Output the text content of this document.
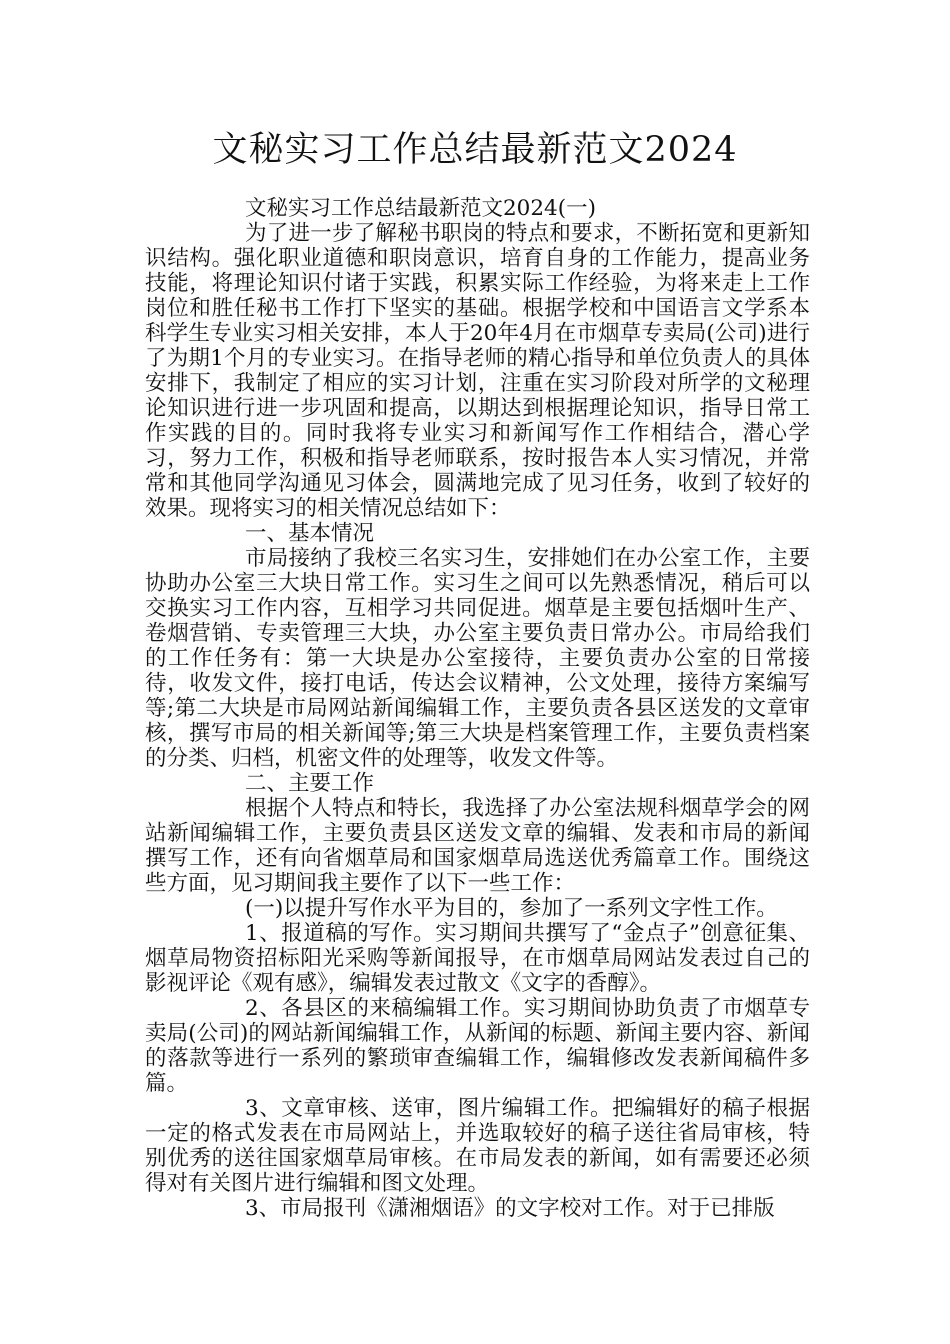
文秘实习工作总结最新范文2024

文秘实习工作总结最新范文2024(一)

为了进一步了解秘书职岗的特点和要求，不断拓宽和更新知识结构。强化职业道德和职岗意识，培育自身的工作能力，提高业务技能，将理论知识付诸于实践，积累实际工作经验，为将来走上工作岗位和胜任秘书工作打下坚实的基础。根据学校和中国语言文学系本科学生专业实习相关安排，本人于20年4月在市烟草专卖局(公司)进行了为期1个月的专业实习。在指导老师的精心指导和单位负责人的具体安排下，我制定了相应的实习计划，注重在实习阶段对所学的文秘理论知识进行进一步巩固和提高，以期达到根据理论知识，指导日常工作实践的目的。同时我将专业实习和新闻写作工作相结合，潜心学习，努力工作，积极和指导老师联系，按时报告本人实习情况，并常常和其他同学沟通见习体会，圆满地完成了见习任务，收到了较好的效果。现将实习的相关情况总结如下：

一、基本情况

市局接纳了我校三名实习生，安排她们在办公室工作，主要协助办公室三大块日常工作。实习生之间可以先熟悉情况，稍后可以交换实习工作内容，互相学习共同促进。烟草是主要包括烟叶生产、卷烟营销、专卖管理三大块，办公室主要负责日常办公。市局给我们的工作任务有：第一大块是办公室接待，主要负责办公室的日常接待，收发文件，接打电话，传达会议精神，公文处理，接待方案编写等;第二大块是市局网站新闻编辑工作，主要负责各县区送发的文章审核，撰写市局的相关新闻等;第三大块是档案管理工作，主要负责档案的分类、归档，机密文件的处理等，收发文件等。

二、主要工作

根据个人特点和特长，我选择了办公室法规科烟草学会的网站新闻编辑工作，主要负责县区送发文章的编辑、发表和市局的新闻撰写工作，还有向省烟草局和国家烟草局选送优秀篇章工作。围绕这些方面，见习期间我主要作了以下一些工作：

(一)以提升写作水平为目的，参加了一系列文字性工作。

1、报道稿的写作。实习期间共撰写了“金点子”创意征集、烟草局物资招标阳光采购等新闻报导，在市烟草局网站发表过自己的影视评论《观有感》，编辑发表过散文《文字的香醇》。

2、各县区的来稿编辑工作。实习期间协助负责了市烟草专卖局(公司)的网站新闻编辑工作，从新闻的标题、新闻主要内容、新闻的落款等进行一系列的繁琐审查编辑工作，编辑修改发表新闻稿件多篇。

3、文章审核、送审，图片编辑工作。把编辑好的稿子根据一定的格式发表在市局网站上，并选取较好的稿子送往省局审核，特别优秀的送往国家烟草局审核。在市局发表的新闻，如有需要还必须得对有关图片进行编辑和图文处理。

3、市局报刊《潇湘烟语》的文字校对工作。对于已排版
